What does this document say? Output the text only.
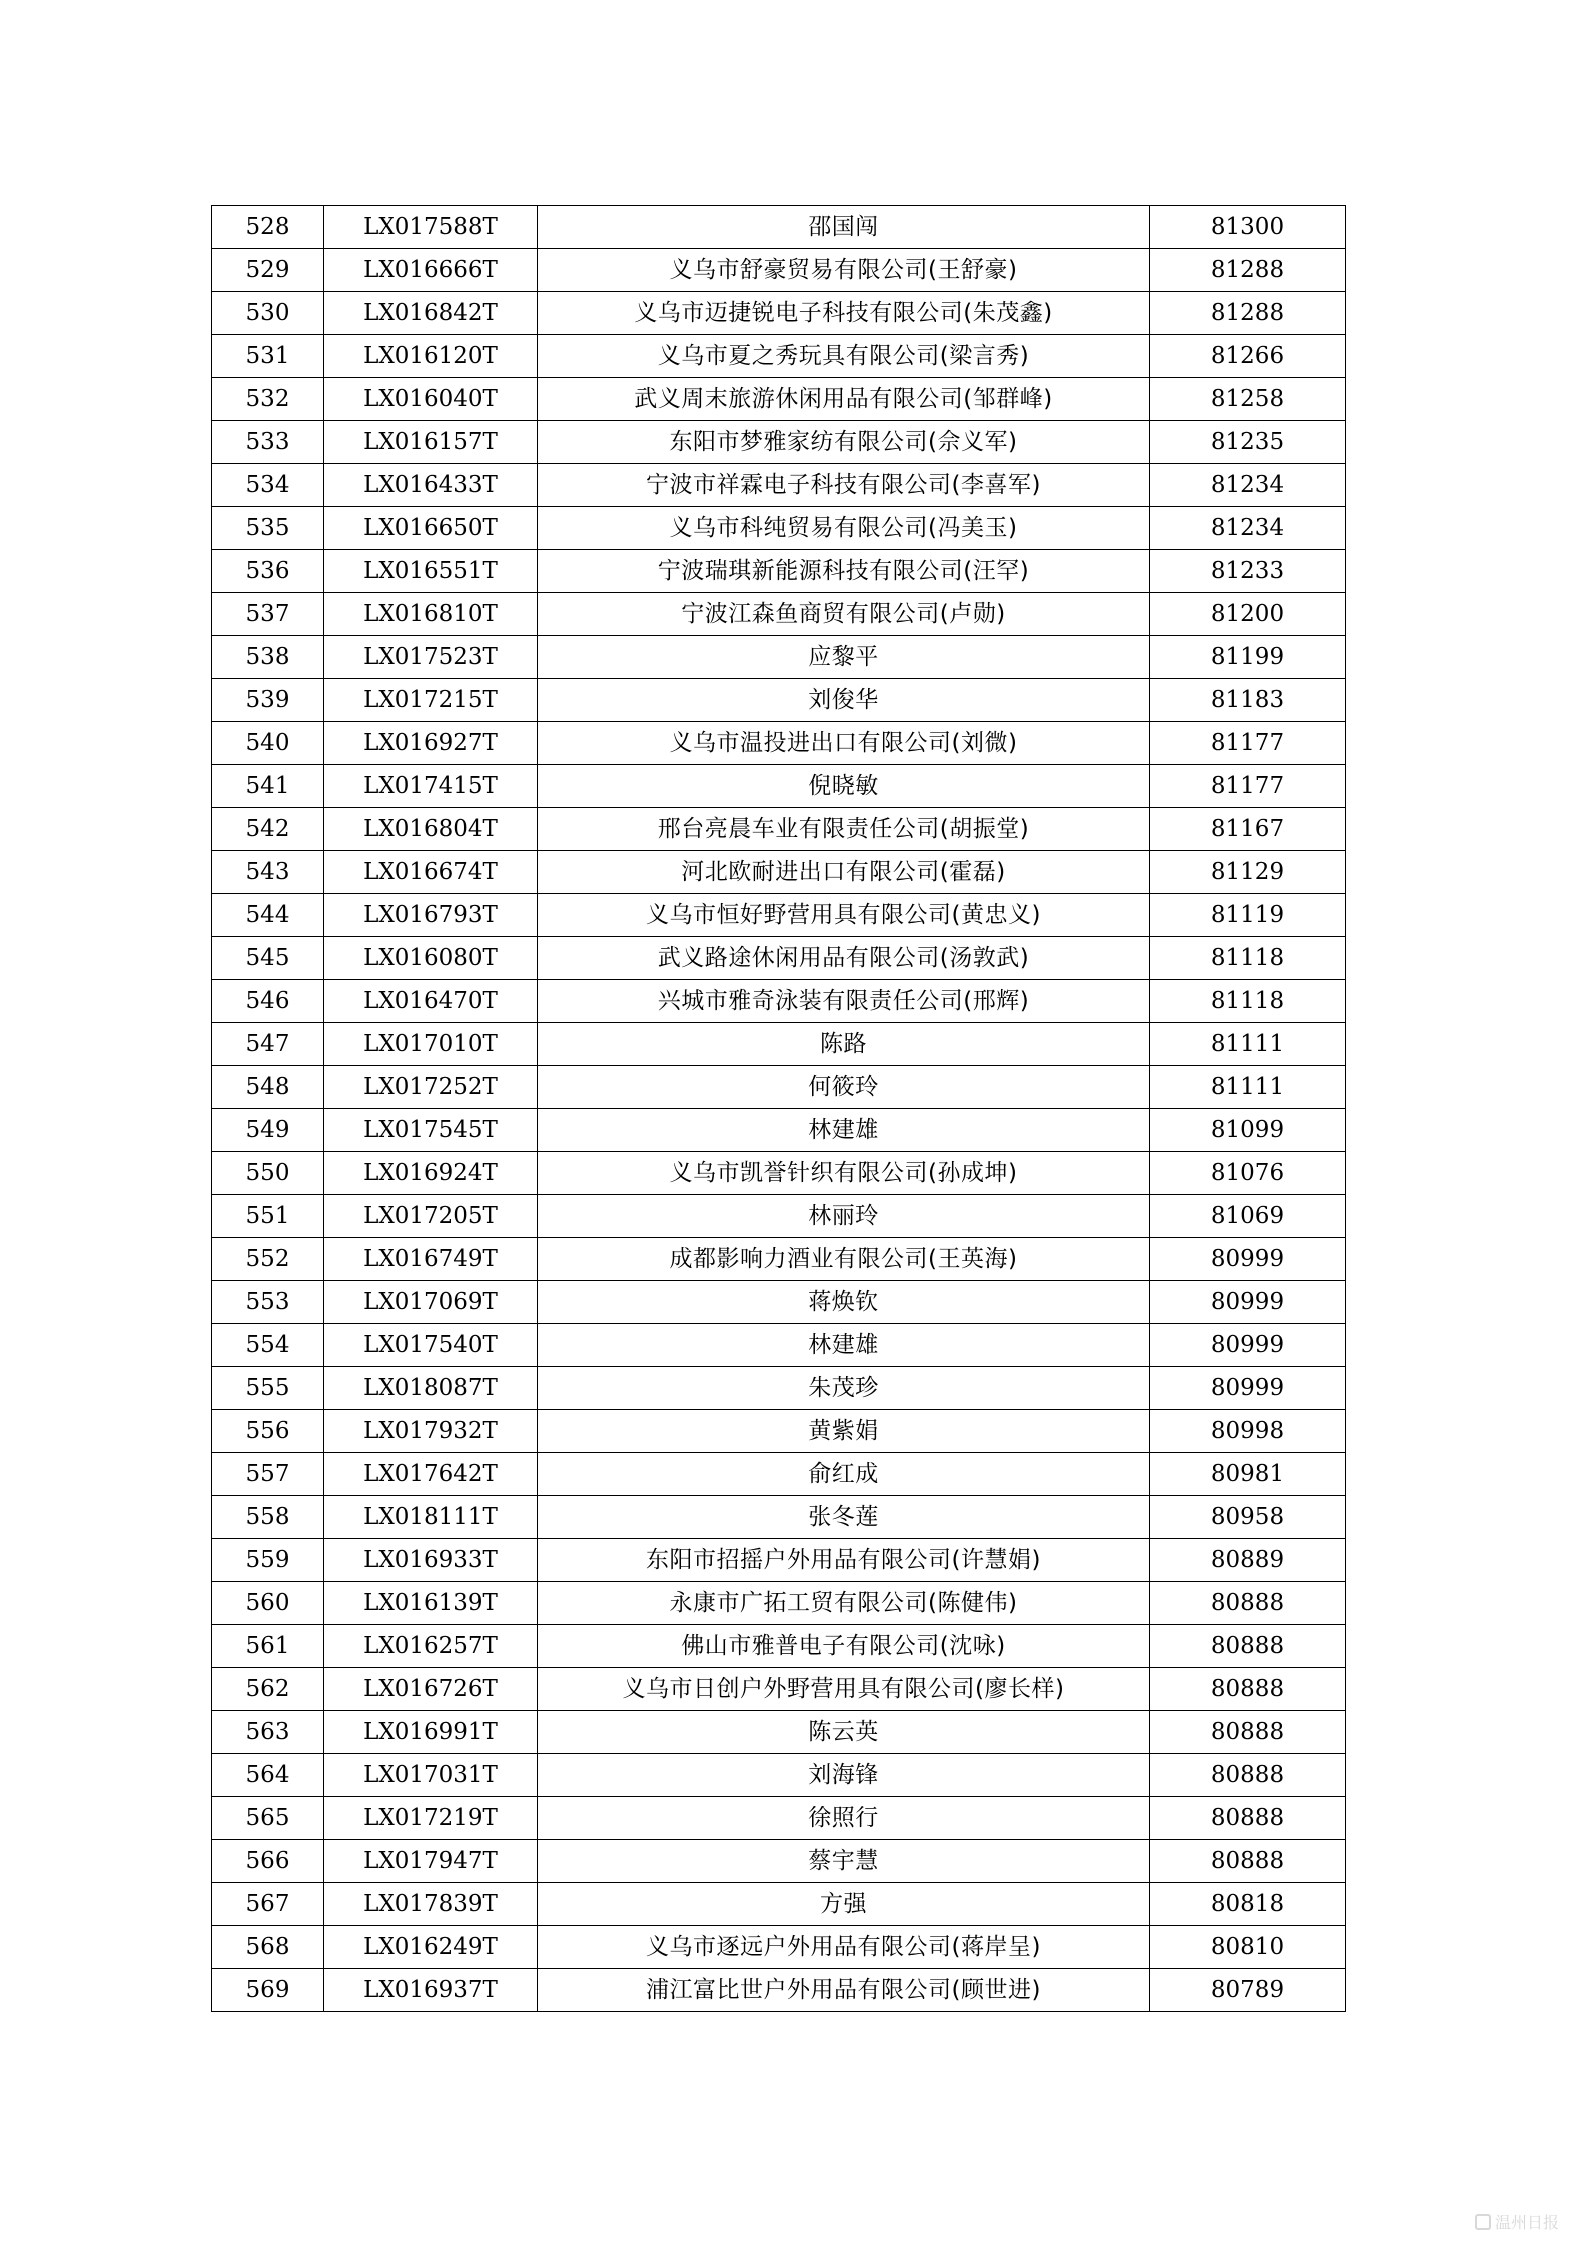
528	LX017588T	邵国闯	81300
529	LX016666T	义乌市舒豪贸易有限公司(王舒豪)	81288
530	LX016842T	义乌市迈捷锐电子科技有限公司(朱茂鑫)	81288
531	LX016120T	义乌市夏之秀玩具有限公司(梁言秀)	81266
532	LX016040T	武义周末旅游休闲用品有限公司(邹群峰)	81258
533	LX016157T	东阳市梦雅家纺有限公司(佘义军)	81235
534	LX016433T	宁波市祥霖电子科技有限公司(李喜军)	81234
535	LX016650T	义乌市科纯贸易有限公司(冯美玉)	81234
536	LX016551T	宁波瑞琪新能源科技有限公司(汪罕)	81233
537	LX016810T	宁波江森鱼商贸有限公司(卢勋)	81200
538	LX017523T	应黎平	81199
539	LX017215T	刘俊华	81183
540	LX016927T	义乌市温投进出口有限公司(刘微)	81177
541	LX017415T	倪晓敏	81177
542	LX016804T	邢台亮晨车业有限责任公司(胡振堂)	81167
543	LX016674T	河北欧耐进出口有限公司(霍磊)	81129
544	LX016793T	义乌市恒好野营用具有限公司(黄忠义)	81119
545	LX016080T	武义路途休闲用品有限公司(汤敦武)	81118
546	LX016470T	兴城市雅奇泳装有限责任公司(邢辉)	81118
547	LX017010T	陈路	81111
548	LX017252T	何筱玲	81111
549	LX017545T	林建雄	81099
550	LX016924T	义乌市凯誉针织有限公司(孙成坤)	81076
551	LX017205T	林丽玲	81069
552	LX016749T	成都影响力酒业有限公司(王英海)	80999
553	LX017069T	蒋焕钦	80999
554	LX017540T	林建雄	80999
555	LX018087T	朱茂珍	80999
556	LX017932T	黄紫娟	80998
557	LX017642T	俞红成	80981
558	LX018111T	张冬莲	80958
559	LX016933T	东阳市招摇户外用品有限公司(许慧娟)	80889
560	LX016139T	永康市广拓工贸有限公司(陈健伟)	80888
561	LX016257T	佛山市雅普电子有限公司(沈咏)	80888
562	LX016726T	义乌市日创户外野营用具有限公司(廖长样)	80888
563	LX016991T	陈云英	80888
564	LX017031T	刘海锋	80888
565	LX017219T	徐照行	80888
566	LX017947T	蔡宇慧	80888
567	LX017839T	方强	80818
568	LX016249T	义乌市逐远户外用品有限公司(蒋岸呈)	80810
569	LX016937T	浦江富比世户外用品有限公司(顾世进)	80789
温州日报
